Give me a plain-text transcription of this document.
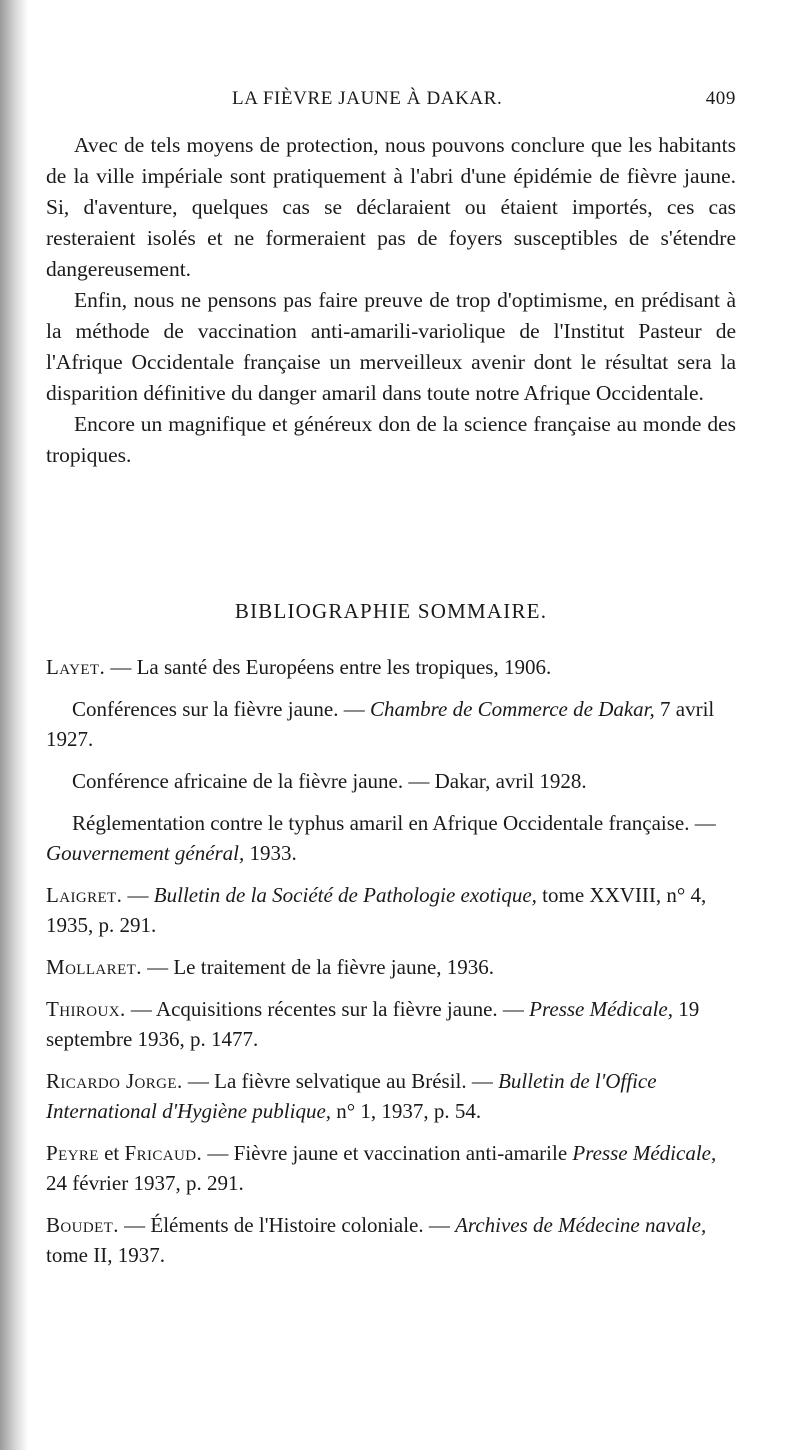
LA FIÈVRE JAUNE À DAKAR.	409

Avec de tels moyens de protection, nous pouvons conclure que les habitants de la ville impériale sont pratiquement à l'abri d'une épidémie de fièvre jaune. Si, d'aventure, quelques cas se déclaraient ou étaient importés, ces cas resteraient isolés et ne formeraient pas de foyers susceptibles de s'étendre dangereusement.

Enfin, nous ne pensons pas faire preuve de trop d'optimisme, en prédisant à la méthode de vaccination anti-amarili-variolique de l'Institut Pasteur de l'Afrique Occidentale française un merveilleux avenir dont le résultat sera la disparition définitive du danger amaril dans toute notre Afrique Occidentale.

Encore un magnifique et généreux don de la science française au monde des tropiques.

BIBLIOGRAPHIE SOMMAIRE.

Layet. — La santé des Européens entre les tropiques, 1906.

Conférences sur la fièvre jaune. — Chambre de Commerce de Dakar, 7 avril 1927.

Conférence africaine de la fièvre jaune. — Dakar, avril 1928.

Réglementation contre le typhus amaril en Afrique Occidentale française. — Gouvernement général, 1933.

Laigret. — Bulletin de la Société de Pathologie exotique, tome XXVIII, n° 4, 1935, p. 291.

Mollaret. — Le traitement de la fièvre jaune, 1936.

Thiroux. — Acquisitions récentes sur la fièvre jaune. — Presse Médicale, 19 septembre 1936, p. 1477.

Ricardo Jorge. — La fièvre selvatique au Brésil. — Bulletin de l'Office International d'Hygiène publique, n° 1, 1937, p. 54.

Peyre et Fricaud. — Fièvre jaune et vaccination anti-amarile Presse Médicale, 24 février 1937, p. 291.

Boudet. — Éléments de l'Histoire coloniale. — Archives de Médecine navale, tome II, 1937.
